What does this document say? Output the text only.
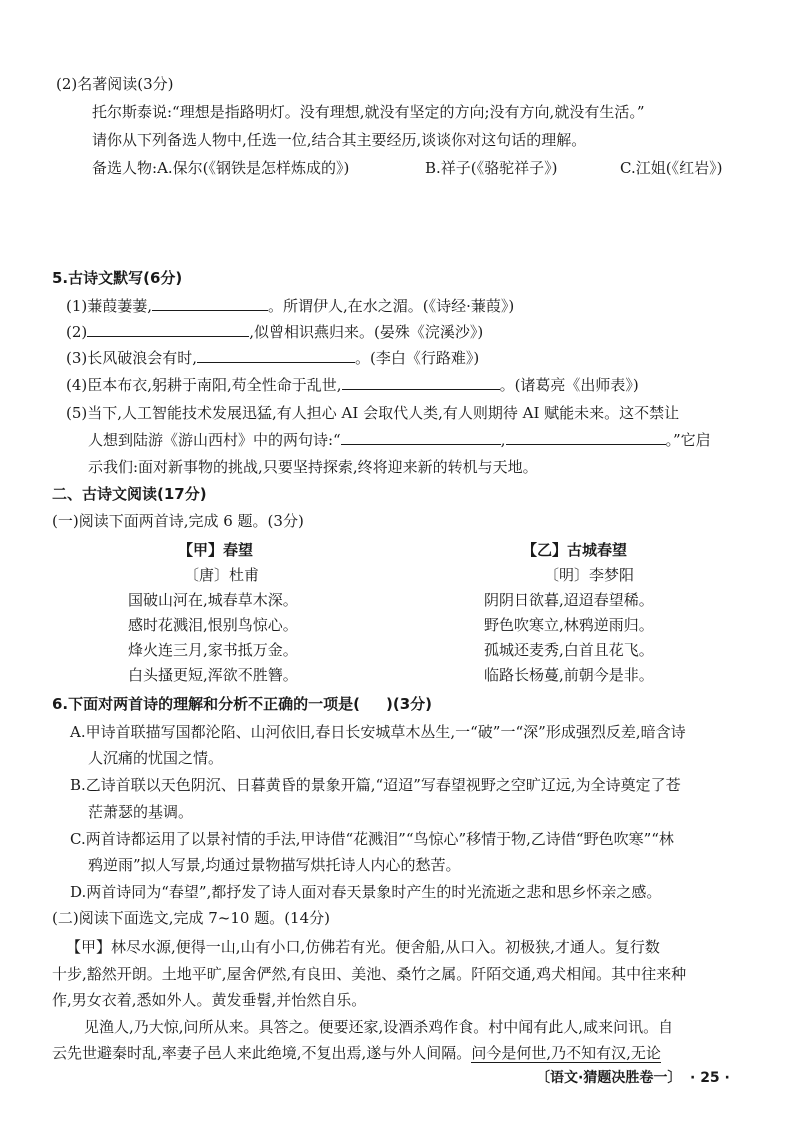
(2)名著阅读(3分)
托尔斯泰说:“理想是指路明灯。没有理想,就没有坚定的方向;没有方向,就没有生活。”
请你从下列备选人物中,任选一位,结合其主要经历,谈谈你对这句话的理解。
备选人物:A.保尔(《钢铁是怎样炼成的》)	B.祥子(《骆驼祥子》)	C.江姐(《红岩》)
5.古诗文默写(6分)
(1)蒹葭萋萋,	。所谓伊人,在水之湄。(《诗经·蒹葭》)
(2)	,似曾相识燕归来。(晏殊《浣溪沙》)
(3)长风破浪会有时,	。(李白《行路难》)
(4)臣本布衣,躬耕于南阳,苟全性命于乱世,	。(诸葛亮《出师表》)
(5)当下,人工智能技术发展迅猛,有人担心 AI 会取代人类,有人则期待 AI 赋能未来。这不禁让
人想到陆游《游山西村》中的两句诗:“	,	。”它启
示我们:面对新事物的挑战,只要坚持探索,终将迎来新的转机与天地。
二、古诗文阅读(17分)
(一)阅读下面两首诗,完成 6 题。(3分)
【甲】春望
〔唐〕杜甫
国破山河在,城春草木深。
感时花溅泪,恨别鸟惊心。
烽火连三月,家书抵万金。
白头搔更短,浑欲不胜簪。
【乙】古城春望
〔明〕李梦阳
阴阴日欲暮,迢迢春望稀。
野色吹寒立,林鸦逆雨归。
孤城还麦秀,白首且花飞。
临路长杨蔓,前朝今是非。
6.下面对两首诗的理解和分析不正确的一项是( )(3分)
A.甲诗首联描写国都沦陷、山河依旧,春日长安城草木丛生,一“破”一“深”形成强烈反差,暗含诗
人沉痛的忧国之情。
B.乙诗首联以天色阴沉、日暮黄昏的景象开篇,“迢迢”写春望视野之空旷辽远,为全诗奠定了苍
茫萧瑟的基调。
C.两首诗都运用了以景衬情的手法,甲诗借“花溅泪”“鸟惊心”移情于物,乙诗借“野色吹寒”“林
鸦逆雨”拟人写景,均通过景物描写烘托诗人内心的愁苦。
D.两首诗同为“春望”,都抒发了诗人面对春天景象时产生的时光流逝之悲和思乡怀亲之感。
(二)阅读下面选文,完成 7~10 题。(14分)
【甲】林尽水源,便得一山,山有小口,仿佛若有光。便舍船,从口入。初极狭,才通人。复行数
十步,豁然开朗。土地平旷,屋舍俨然,有良田、美池、桑竹之属。阡陌交通,鸡犬相闻。其中往来种
作,男女衣着,悉如外人。黄发垂髫,并怡然自乐。
见渔人,乃大惊,问所从来。具答之。便要还家,设酒杀鸡作食。村中闻有此人,咸来问讯。自
云先世避秦时乱,率妻子邑人来此绝境,不复出焉,遂与外人间隔。问今是何世,乃不知有汉,无论
〔语文·猜题决胜卷一〕 · 25 ·
